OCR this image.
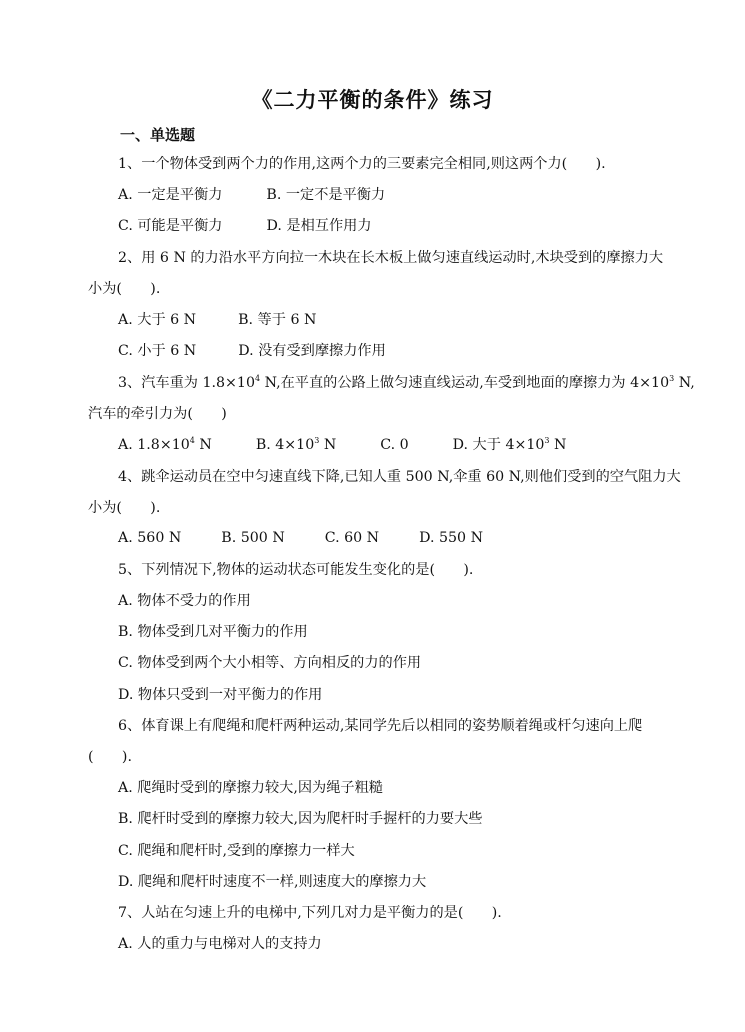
《二力平衡的条件》练习
一、单选题
1、一个物体受到两个力的作用,这两个力的三要素完全相同,则这两个力(　　).
A. 一定是平衡力	B. 一定不是平衡力
C. 可能是平衡力	D. 是相互作用力
2、用 6 N 的力沿水平方向拉一木块在长木板上做匀速直线运动时,木块受到的摩擦力大
小为(　　).
A. 大于 6 N	B. 等于 6 N
C. 小于 6 N	D. 没有受到摩擦力作用
3、汽车重为 $1.8\times 10^4$ N,在平直的公路上做匀速直线运动,车受到地面的摩擦力为 $4\times 10^3$ N,
汽车的牵引力为(　　)
A. $1.8\times 10^4$ N	B. $4\times 10^3$ N	C. 0	D. 大于 $4\times 10^3$ N
4、跳伞运动员在空中匀速直线下降,已知人重 500 N,伞重 60 N,则他们受到的空气阻力大
小为(　　).
A. 560 N	B. 500 N	C. 60 N	D. 550 N
5、下列情况下,物体的运动状态可能发生变化的是(　　).
A. 物体不受力的作用
B. 物体受到几对平衡力的作用
C. 物体受到两个大小相等、方向相反的力的作用
D. 物体只受到一对平衡力的作用
6、体育课上有爬绳和爬杆两种运动,某同学先后以相同的姿势顺着绳或杆匀速向上爬
(　　).
A. 爬绳时受到的摩擦力较大,因为绳子粗糙
B. 爬杆时受到的摩擦力较大,因为爬杆时手握杆的力要大些
C. 爬绳和爬杆时,受到的摩擦力一样大
D. 爬绳和爬杆时速度不一样,则速度大的摩擦力大
7、人站在匀速上升的电梯中,下列几对力是平衡力的是(　　).
A. 人的重力与电梯对人的支持力
